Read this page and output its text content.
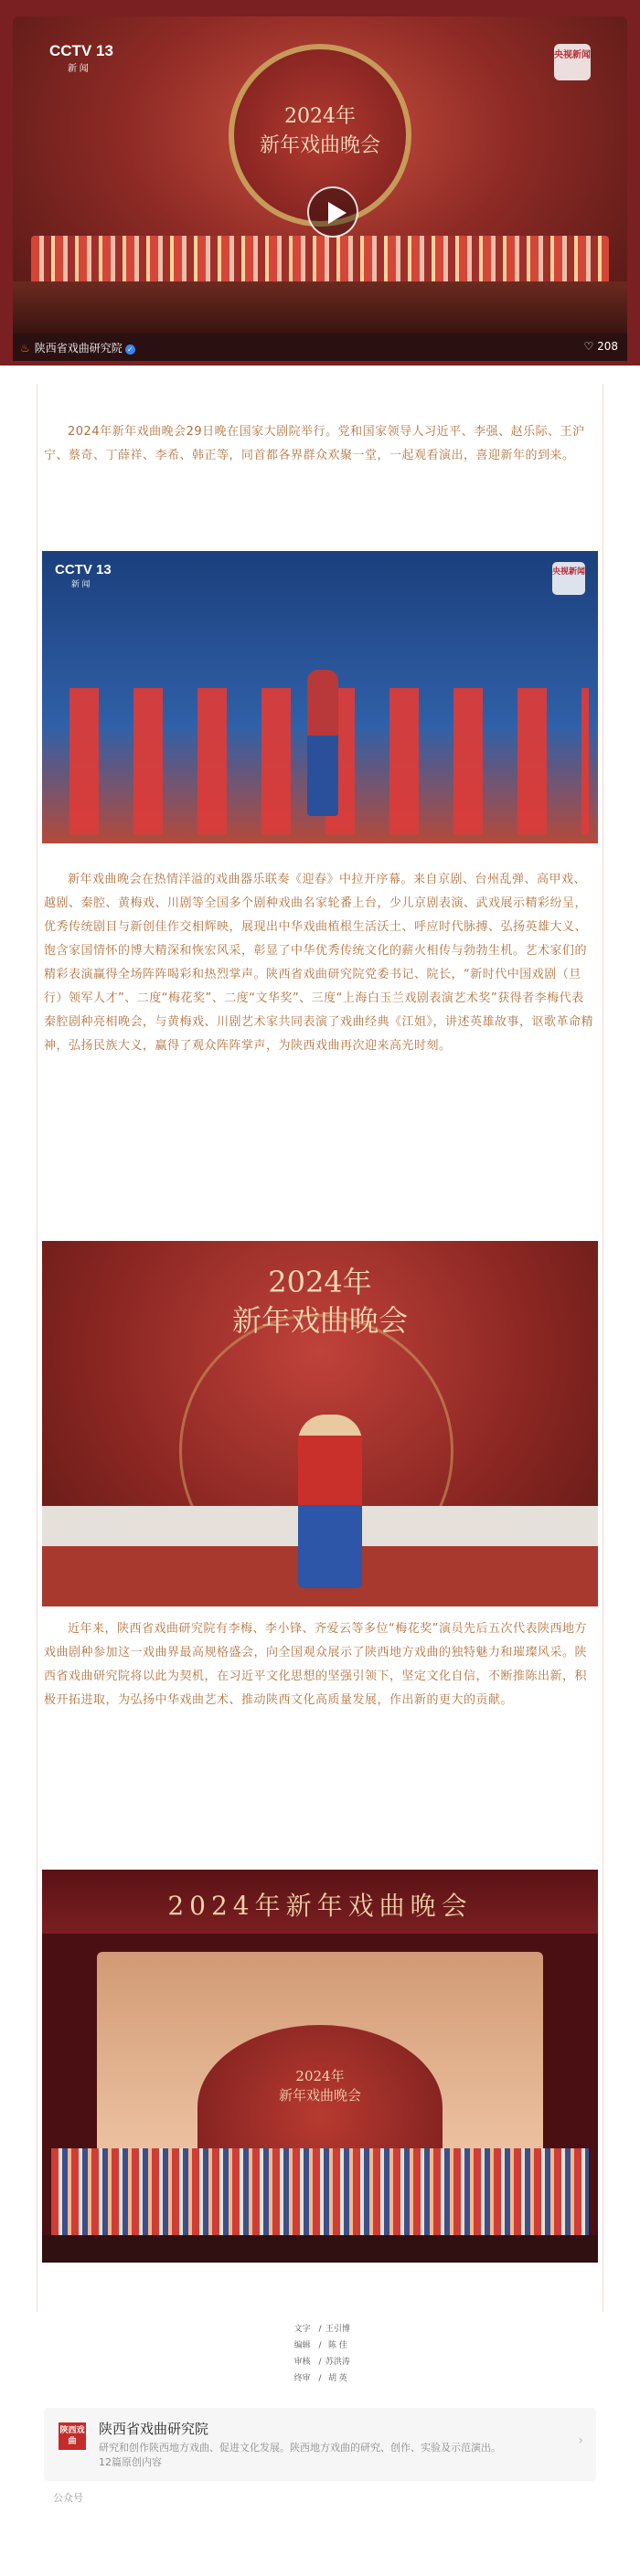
2024年
新年戏曲晚会
CCTV 13
新 闻
央视新闻
♨ 陕西省戏曲研究院 ✓	♡ 208

2024年新年戏曲晚会29日晚在国家大剧院举行。党和国家领导人习近平、李强、赵乐际、王沪宁、蔡奇、丁薛祥、李希、韩正等，同首都各界群众欢聚一堂，一起观看演出，喜迎新年的到来。

CCTV 13
新 闻
央视新闻

新年戏曲晚会在热情洋溢的戏曲器乐联奏《迎春》中拉开序幕。来自京剧、台州乱弹、高甲戏、越剧、秦腔、黄梅戏、川剧等全国多个剧种戏曲名家轮番上台，少儿京剧表演、武戏展示精彩纷呈，优秀传统剧目与新创佳作交相辉映，展现出中华戏曲植根生活沃土、呼应时代脉搏、弘扬英雄大义、饱含家国情怀的博大精深和恢宏风采，彰显了中华优秀传统文化的薪火相传与勃勃生机。艺术家们的精彩表演赢得全场阵阵喝彩和热烈掌声。陕西省戏曲研究院党委书记、院长，“新时代中国戏剧（旦行）领军人才”、二度“梅花奖”、二度“文华奖”、三度“上海白玉兰戏剧表演艺术奖”获得者李梅代表秦腔剧种亮相晚会，与黄梅戏、川剧艺术家共同表演了戏曲经典《江姐》，讲述英雄故事，讴歌革命精神，弘扬民族大义，赢得了观众阵阵掌声，为陕西戏曲再次迎来高光时刻。

2024年
新年戏曲晚会

近年来，陕西省戏曲研究院有李梅、李小锋、齐爱云等多位“梅花奖”演员先后五次代表陕西地方戏曲剧种参加这一戏曲界最高规格盛会，向全国观众展示了陕西地方戏曲的独特魅力和璀璨风采。陕西省戏曲研究院将以此为契机，在习近平文化思想的坚强引领下，坚定文化自信，不断推陈出新，积极开拓进取，为弘扬中华戏曲艺术、推动陕西文化高质量发展，作出新的更大的贡献。

2024年新年戏曲晚会
2024年
新年戏曲晚会
文字 / 王引博
编辑 / 陈 佳
审核 / 苏洪涛
终审 / 胡 英
陕西戏曲
陕西省戏曲研究院
研究和创作陕西地方戏曲、促进文化发展。陕西地方戏曲的研究、创作、实验及示范演出。
12篇原创内容
›
公众号
